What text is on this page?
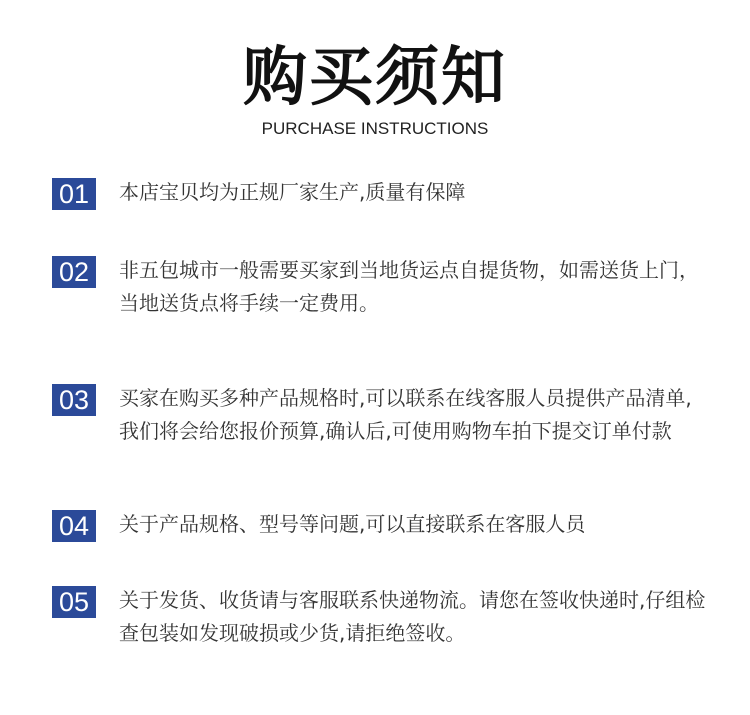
购买须知
PURCHASE INSTRUCTIONS
01	本店宝贝均为正规厂家生产,质量有保障
02	非五包城市一般需要买家到当地货运点自提货物，如需送货上门，当地送货点将手续一定费用。
03	买家在购买多种产品规格时,可以联系在线客服人员提供产品清单,我们将会给您报价预算,确认后,可使用购物车拍下提交订单付款
04	关于产品规格、型号等问题,可以直接联系在客服人员
05	关于发货、收货请与客服联系快递物流。请您在签收快递时,仔组检查包装如发现破损或少货,请拒绝签收。
